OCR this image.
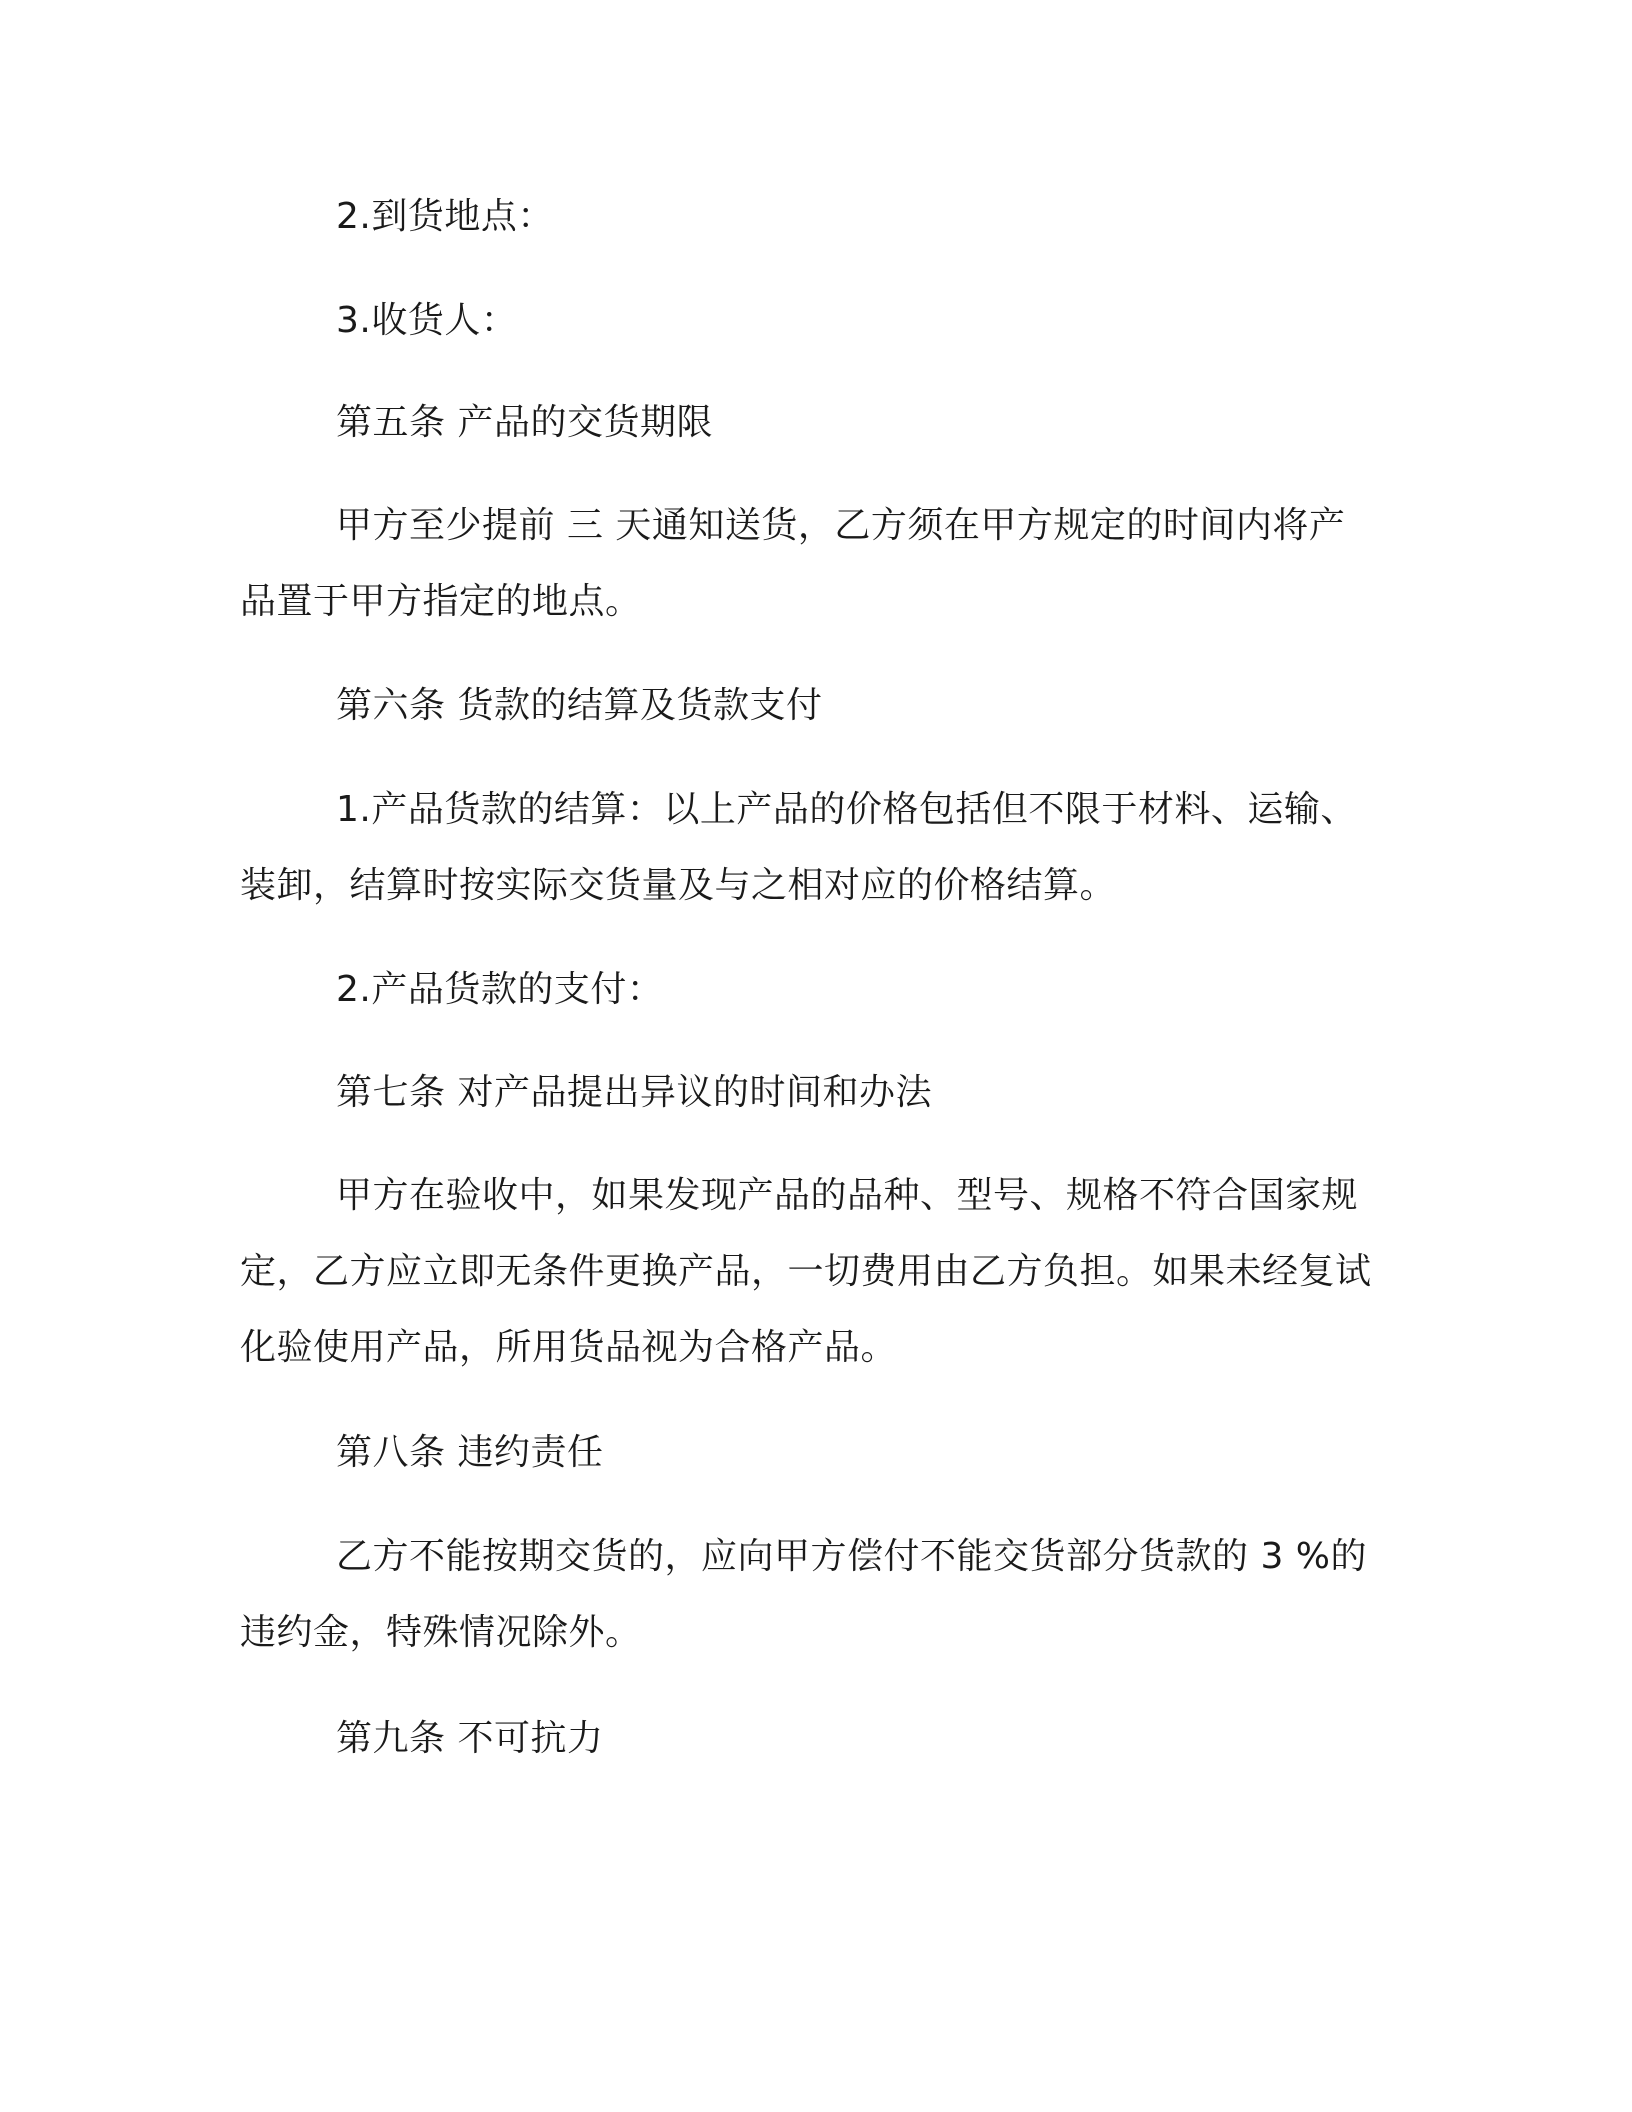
2.到货地点：

3.收货人：

第五条 产品的交货期限

甲方至少提前 三 天通知送货，乙方须在甲方规定的时间内将产品置于甲方指定的地点。

第六条 货款的结算及货款支付

1.产品货款的结算：以上产品的价格包括但不限于材料、运输、装卸，结算时按实际交货量及与之相对应的价格结算。

2.产品货款的支付：

第七条 对产品提出异议的时间和办法

甲方在验收中，如果发现产品的品种、型号、规格不符合国家规定，乙方应立即无条件更换产品，一切费用由乙方负担。如果未经复试化验使用产品，所用货品视为合格产品。

第八条 违约责任

乙方不能按期交货的，应向甲方偿付不能交货部分货款的 3 %的违约金，特殊情况除外。

第九条 不可抗力
